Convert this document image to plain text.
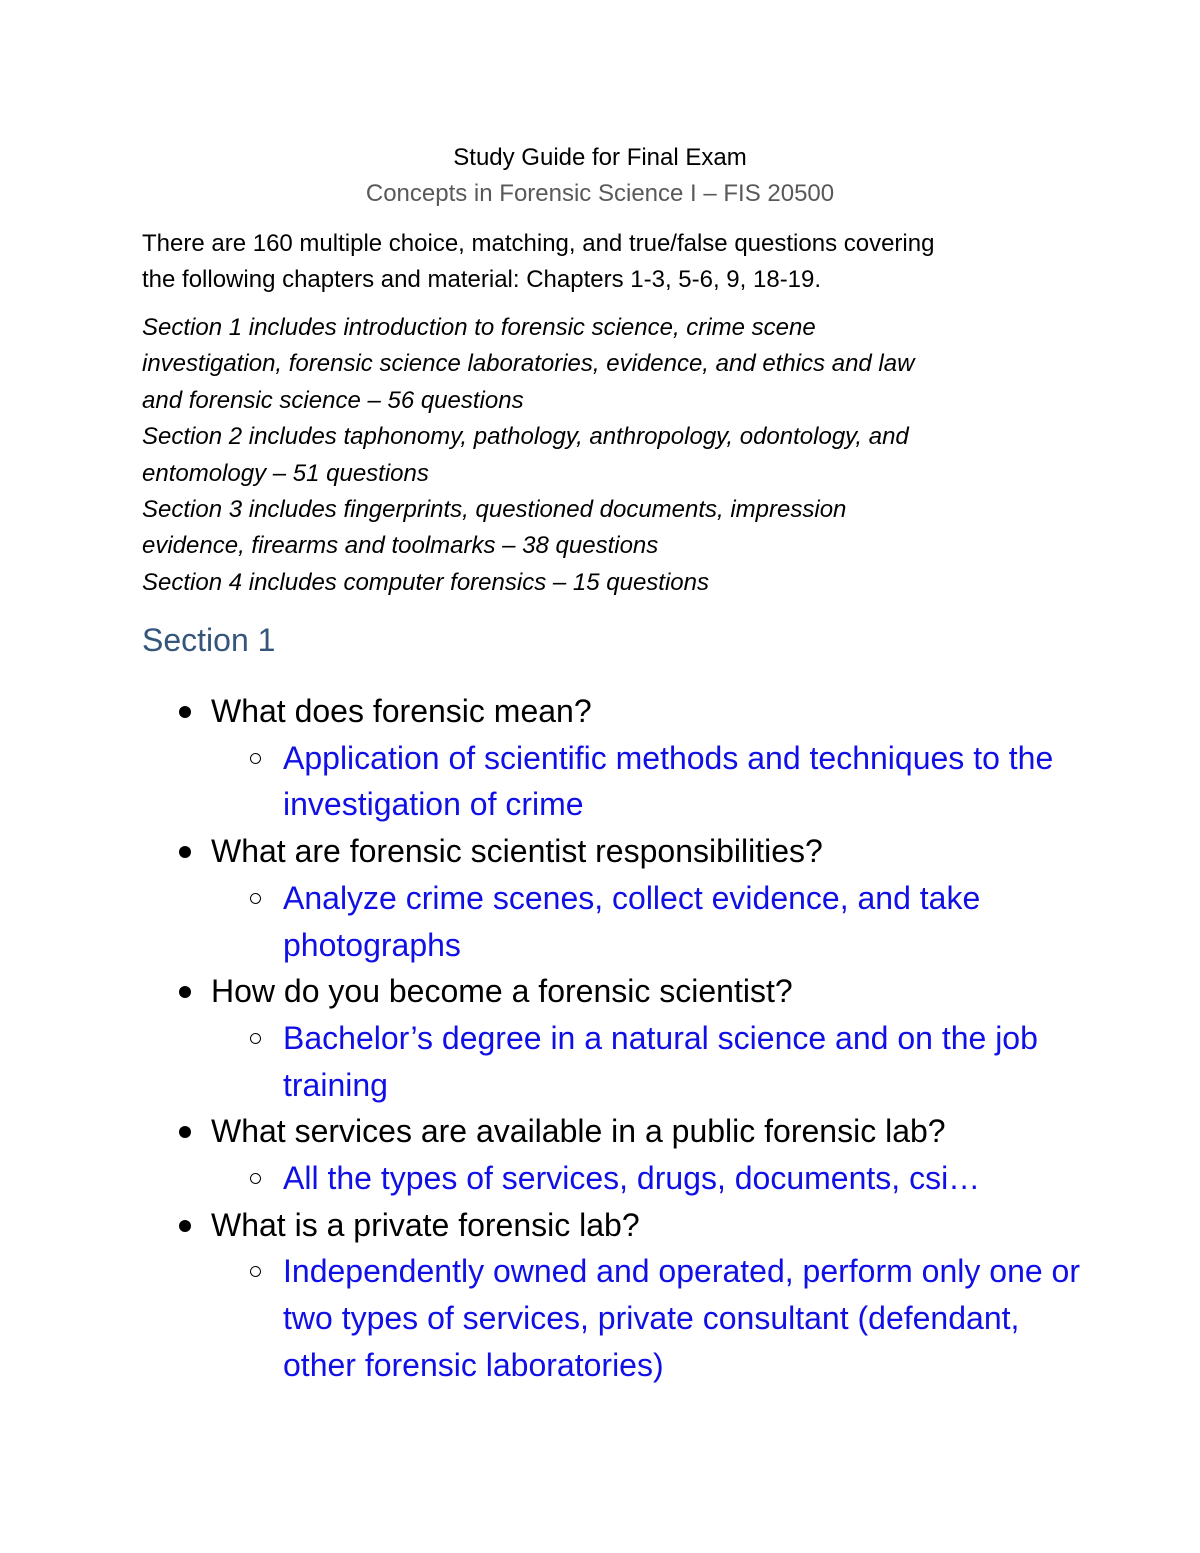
Study Guide for Final Exam
Concepts in Forensic Science I – FIS 20500
There are 160 multiple choice, matching, and true/false questions covering
the following chapters and material: Chapters 1-3, 5-6, 9, 18-19.
Section 1 includes introduction to forensic science, crime scene
investigation, forensic science laboratories, evidence, and ethics and law
and forensic science – 56 questions
Section 2 includes taphonomy, pathology, anthropology, odontology, and
entomology – 51 questions
Section 3 includes fingerprints, questioned documents, impression
evidence, firearms and toolmarks – 38 questions
Section 4 includes computer forensics – 15 questions
Section 1
What does forensic mean?
Application of scientific methods and techniques to the investigation of crime
What are forensic scientist responsibilities?
Analyze crime scenes, collect evidence, and take photographs
How do you become a forensic scientist?
Bachelor’s degree in a natural science and on the job training
What services are available in a public forensic lab?
All the types of services, drugs, documents, csi…
What is a private forensic lab?
Independently owned and operated, perform only one or two types of services, private consultant (defendant, other forensic laboratories)
